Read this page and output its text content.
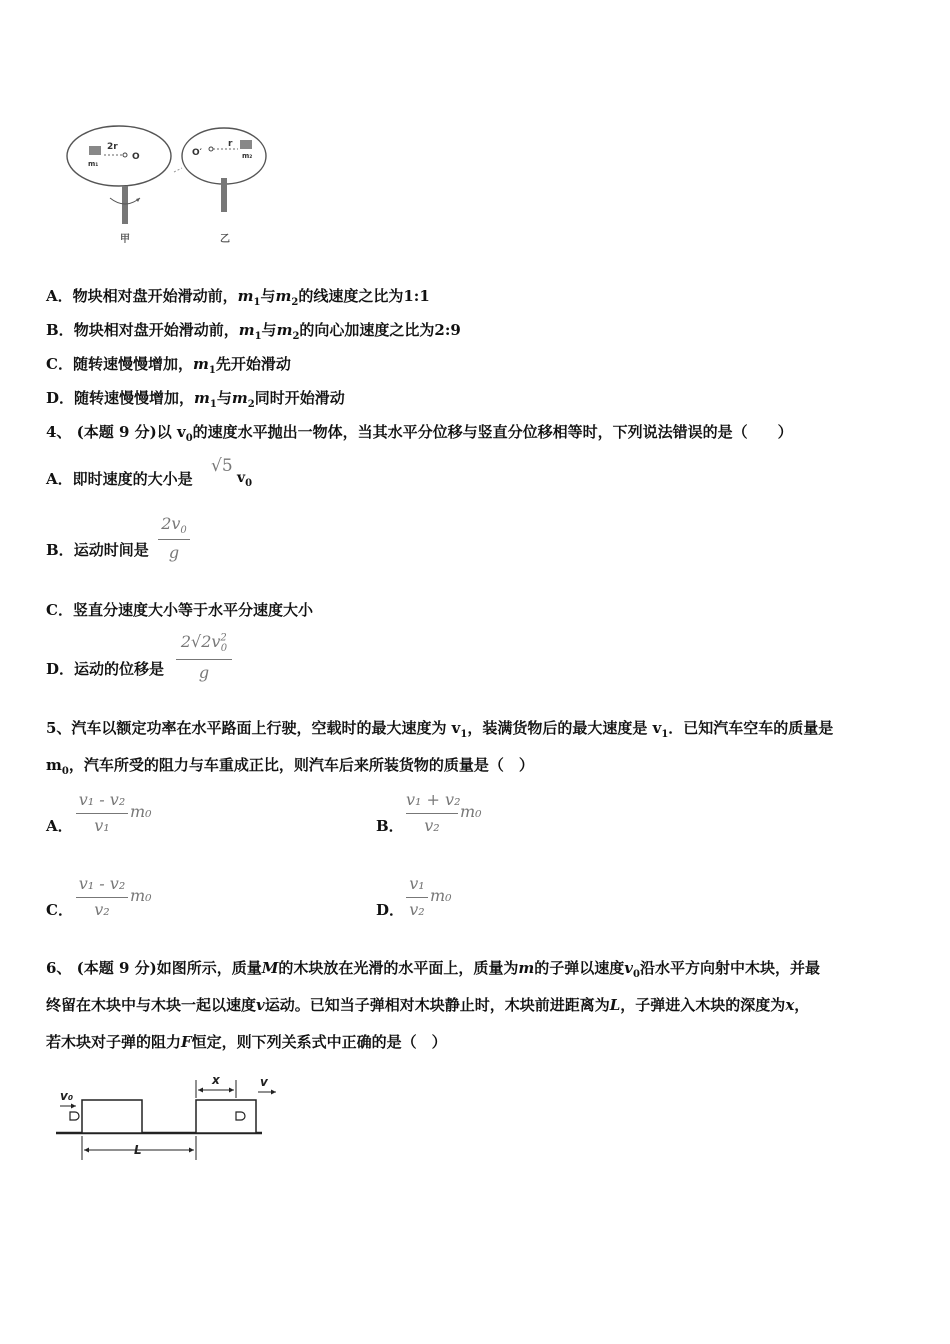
2r
O
m₁
O′
r
m₂
甲	乙
A．物块相对盘开始滑动前，$m_1$与$m_2$的线速度之比为1:1
B．物块相对盘开始滑动前，$m_1$与$m_2$的向心加速度之比为2:9
C．随转速慢慢增加，$m_1$先开始滑动
D．随转速慢慢增加，$m_1$与$m_2$同时开始滑动
4、 (本题 9 分)以 $v_0$的速度水平抛出一物体，当其水平分位移与竖直分位移相等时，下列说法错误的是（　　）
A．即时速度的大小是
√5
$v_0$
B．运动时间是
$2v_0$
g
C．竖直分速度大小等于水平分速度大小
D．运动的位移是
$2√2v^2_0$
g
5、汽车以额定功率在水平路面上行驶，空载时的最大速度为 $v_1$，装满货物后的最大速度是 $v_1$．已知汽车空车的质量是
$m_0$，汽车所受的阻力与车重成正比，则汽车后来所装货物的质量是（　）
A．
v₁ - v₂
v₁
m₀
B．
v₁ + v₂
v₂
m₀
C．
v₁ - v₂
v₂
m₀
D．
v₁
v₂
m₀
6、 (本题 9 分)如图所示，质量M的木块放在光滑的水平面上，质量为m的子弹以速度$v_0$沿水平方向射中木块，并最
终留在木块中与木块一起以速度v运动。已知当子弹相对木块静止时，木块前进距离为L，子弹进入木块的深度为x，
若木块对子弹的阻力F恒定，则下列关系式中正确的是（　）
v₀
x	v
L
